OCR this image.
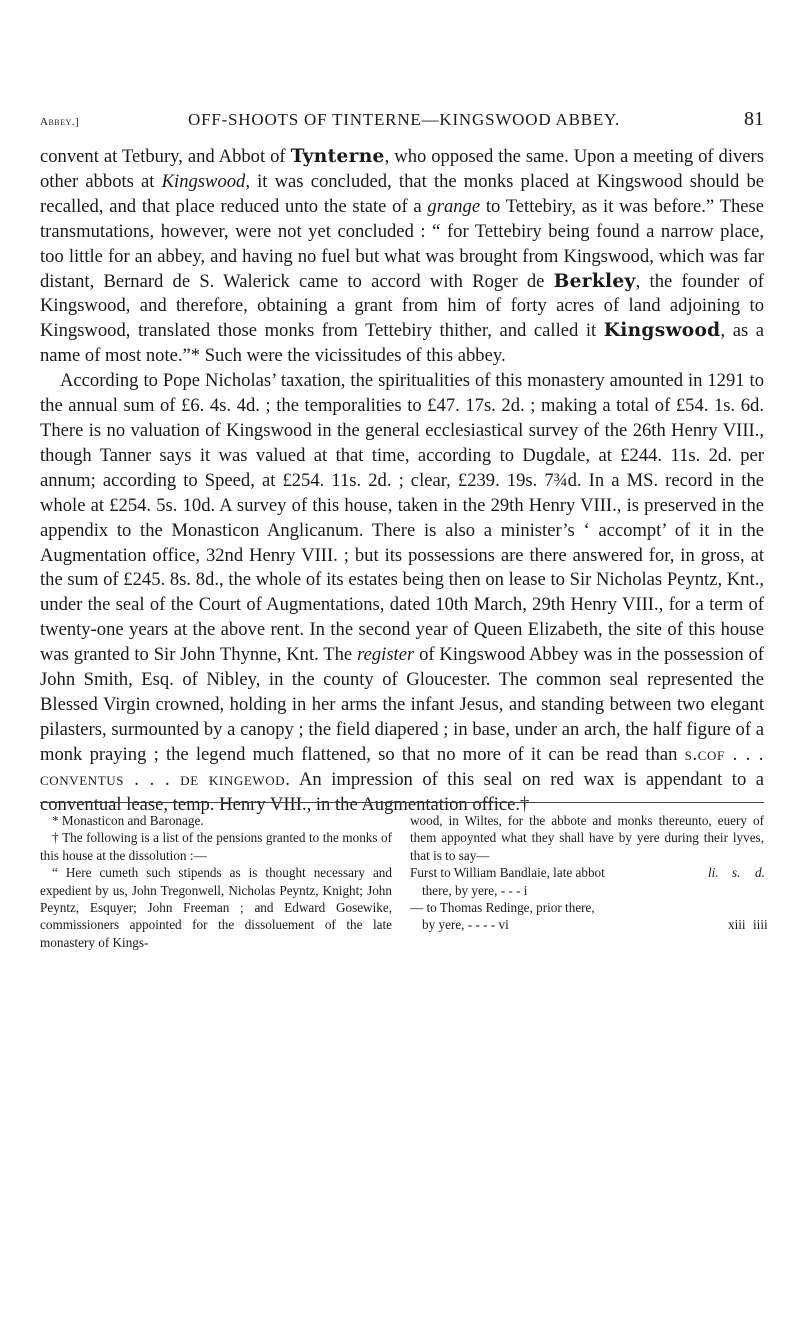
Abbey.]	OFF-SHOOTS OF TINTERNE—KINGSWOOD ABBEY.	81

convent at Tetbury, and Abbot of Tynterne, who opposed the same. Upon a meeting of divers other abbots at Kingswood, it was concluded, that the monks placed at Kingswood should be recalled, and that place reduced unto the state of a grange to Tettebiry, as it was before.” These transmutations, however, were not yet concluded : “ for Tettebiry being found a narrow place, too little for an abbey, and having no fuel but what was brought from Kingswood, which was far distant, Bernard de S. Walerick came to accord with Roger de Berkley, the founder of Kingswood, and therefore, obtaining a grant from him of forty acres of land adjoining to Kingswood, translated those monks from Tettebiry thither, and called it Kingswood, as a name of most note.”* Such were the vicissitudes of this abbey.

According to Pope Nicholas’ taxation, the spiritualities of this monastery amounted in 1291 to the annual sum of £6. 4s. 4d. ; the temporalities to £47. 17s. 2d. ; making a total of £54. 1s. 6d. There is no valuation of Kingswood in the general ecclesiastical survey of the 26th Henry VIII., though Tanner says it was valued at that time, according to Dugdale, at £244. 11s. 2d. per annum; according to Speed, at £254. 11s. 2d. ; clear, £239. 19s. 7¾d. In a MS. record in the whole at £254. 5s. 10d. A survey of this house, taken in the 29th Henry VIII., is preserved in the appendix to the Monasticon Anglicanum. There is also a minister’s ‘ accompt’ of it in the Augmentation office, 32nd Henry VIII. ; but its possessions are there answered for, in gross, at the sum of £245. 8s. 8d., the whole of its estates being then on lease to Sir Nicholas Peyntz, Knt., under the seal of the Court of Augmentations, dated 10th March, 29th Henry VIII., for a term of twenty-one years at the above rent. In the second year of Queen Elizabeth, the site of this house was granted to Sir John Thynne, Knt. The register of Kingswood Abbey was in the possession of John Smith, Esq. of Nibley, in the county of Gloucester. The common seal represented the Blessed Virgin crowned, holding in her arms the infant Jesus, and standing between two elegant pilasters, surmounted by a canopy ; the field diapered ; in base, under an arch, the half figure of a monk praying ; the legend much flattened, so that no more of it can be read than s.cof . . . conventus . . . de kingewod. An impression of this seal on red wax is appendant to a conventual lease, temp. Henry VIII., in the Augmentation office.†

* Monasticon and Baronage.

† The following is a list of the pensions granted to the monks of this house at the dissolution :—

“ Here cumeth such stipends as is thought necessary and expedient by us, John Tregonwell, Nicholas Peyntz, Knight; John Peyntz, Esquyer; John Freeman ; and Edward Gosewike, commissioners appointed for the dissoluement of the late monastery of Kings-

wood, in Wiltes, for the abbote and monks thereunto, euery of them appoynted what they shall have by yere during their lyves, that is to say—

Furst to William Bandlaie, late abbot	li. s. d.
there, by yere, - - - i
— to Thomas Redinge, prior there,
by yere, - - - - vi	xiii iiii
